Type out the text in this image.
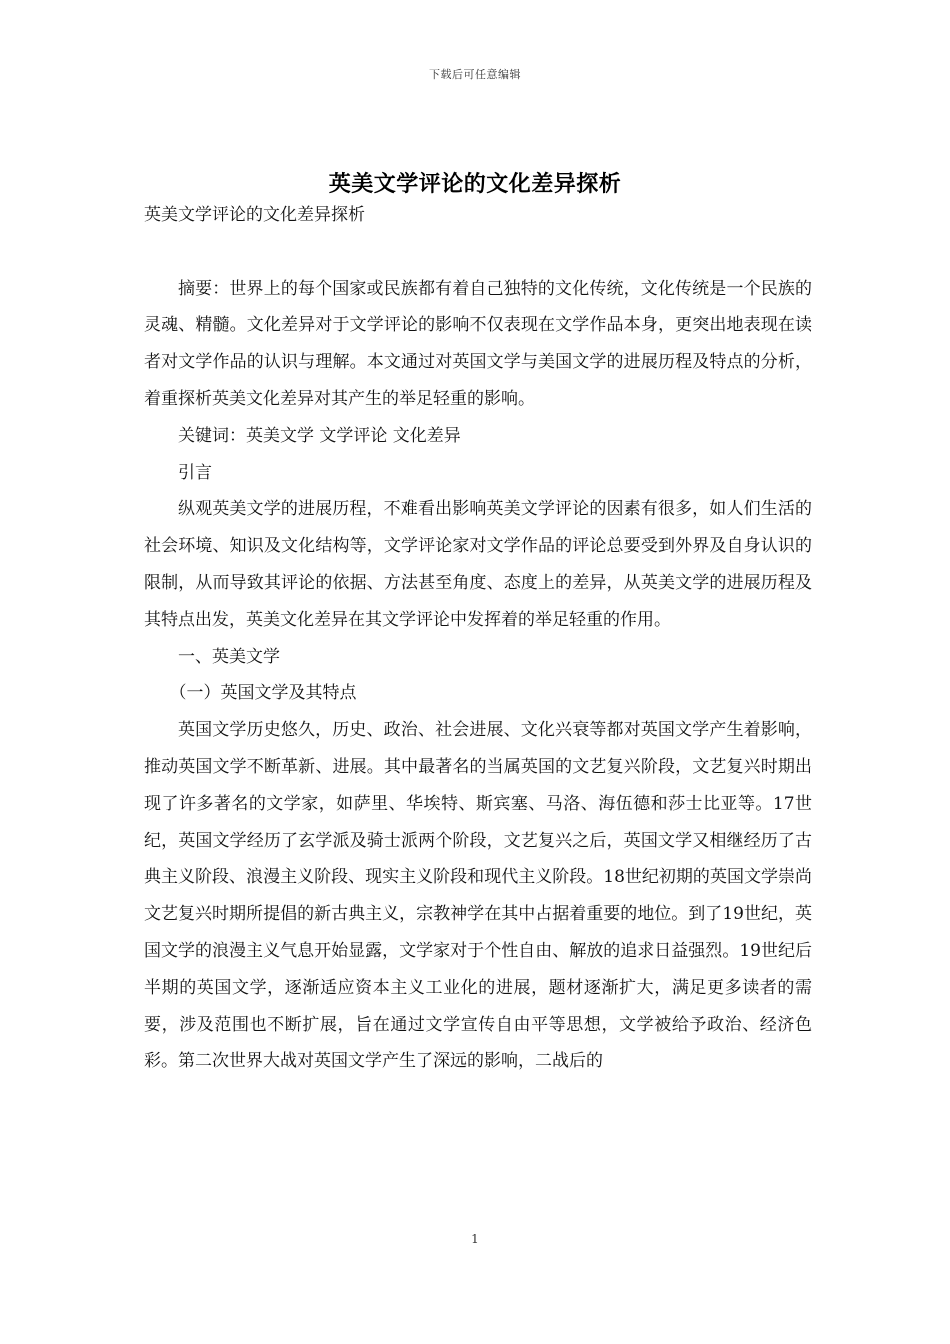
下载后可任意编辑
英美文学评论的文化差异探析

英美文学评论的文化差异探析

摘要：世界上的每个国家或民族都有着自己独特的文化传统，文化传统是一个民族的灵魂、精髓。文化差异对于文学评论的影响不仅表现在文学作品本身，更突出地表现在读者对文学作品的认识与理解。本文通过对英国文学与美国文学的进展历程及特点的分析，着重探析英美文化差异对其产生的举足轻重的影响。

关键词：英美文学 文学评论 文化差异

引言

纵观英美文学的进展历程，不难看出影响英美文学评论的因素有很多，如人们生活的社会环境、知识及文化结构等，文学评论家对文学作品的评论总要受到外界及自身认识的限制，从而导致其评论的依据、方法甚至角度、态度上的差异，从英美文学的进展历程及其特点出发，英美文化差异在其文学评论中发挥着的举足轻重的作用。

一、英美文学

（一）英国文学及其特点

英国文学历史悠久，历史、政治、社会进展、文化兴衰等都对英国文学产生着影响，推动英国文学不断革新、进展。其中最著名的当属英国的文艺复兴阶段，文艺复兴时期出现了许多著名的文学家，如萨里、华埃特、斯宾塞、马洛、海伍德和莎士比亚等。17世纪，英国文学经历了玄学派及骑士派两个阶段，文艺复兴之后，英国文学又相继经历了古典主义阶段、浪漫主义阶段、现实主义阶段和现代主义阶段。18世纪初期的英国文学崇尚文艺复兴时期所提倡的新古典主义，宗教神学在其中占据着重要的地位。到了19世纪，英国文学的浪漫主义气息开始显露，文学家对于个性自由、解放的追求日益强烈。19世纪后半期的英国文学，逐渐适应资本主义工业化的进展，题材逐渐扩大，满足更多读者的需要，涉及范围也不断扩展，旨在通过文学宣传自由平等思想，文学被给予政治、经济色彩。第二次世界大战对英国文学产生了深远的影响，二战后的

1
